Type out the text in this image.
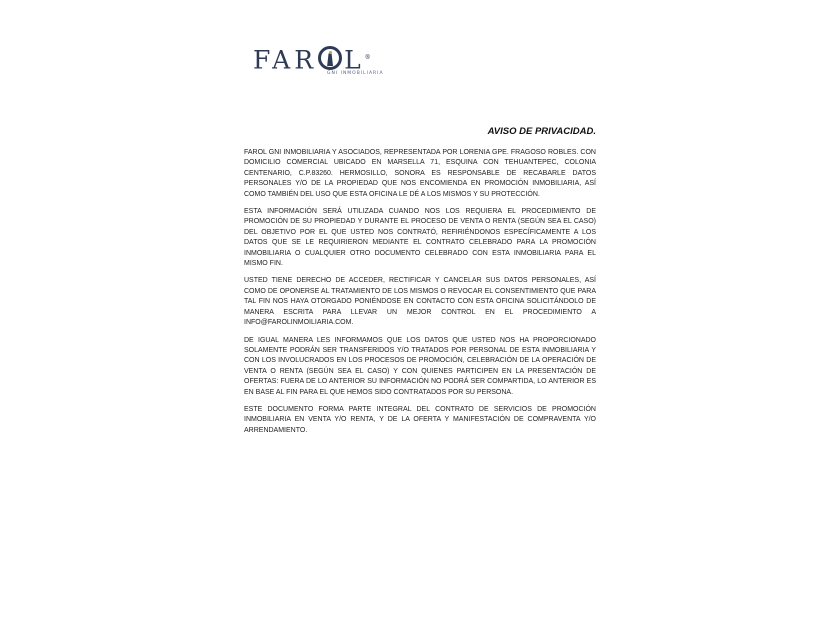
FAR L®
GNI INMOBILIARIA
AVISO DE PRIVACIDAD.

FAROL GNI INMOBILIARIA Y ASOCIADOS, REPRESENTADA POR LORENIA GPE. FRAGOSO ROBLES. CON DOMICILIO COMERCIAL UBICADO EN MARSELLA 71, ESQUINA CON TEHUANTEPEC, COLONIA CENTENARIO, C.P.83260. HERMOSILLO, SONORA ES RESPONSABLE DE RECABARLE DATOS PERSONALES Y/O DE LA PROPIEDAD QUE NOS ENCOMIENDA EN PROMOCIÓN INMOBILIARIA, ASÍ COMO TAMBIÉN DEL USO QUE ESTA OFICINA LE DÉ A LOS MISMOS Y SU PROTECCIÓN.

ESTA INFORMACIÓN SERÁ UTILIZADA CUANDO NOS LOS REQUIERA EL PROCEDIMIENTO DE PROMOCIÓN DE SU PROPIEDAD Y DURANTE EL PROCESO DE VENTA O RENTA (SEGÚN SEA EL CASO) DEL OBJETIVO POR EL QUE USTED NOS CONTRATÓ, REFIRIÉNDONOS ESPECÍFICAMENTE A LOS DATOS QUE SE LE REQUIRIERON MEDIANTE EL CONTRATO CELEBRADO PARA LA PROMOCIÓN INMOBILIARIA O CUALQUIER OTRO DOCUMENTO CELEBRADO CON ESTA INMOBILIARIA PARA EL MISMO FIN.

USTED TIENE DERECHO DE ACCEDER, RECTIFICAR Y CANCELAR SUS DATOS PERSONALES, ASÍ COMO DE OPONERSE AL TRATAMIENTO DE LOS MISMOS O REVOCAR EL CONSENTIMIENTO QUE PARA TAL FIN NOS HAYA OTORGADO PONIÉNDOSE EN CONTACTO CON ESTA OFICINA SOLICITÁNDOLO DE MANERA ESCRITA PARA LLEVAR UN MEJOR CONTROL EN EL PROCEDIMIENTO A INFO@FAROLINMOILIARIA.COM.

DE IGUAL MANERA LES INFORMAMOS QUE LOS DATOS QUE USTED NOS HA PROPORCIONADO SOLAMENTE PODRÁN SER TRANSFERIDOS Y/O TRATADOS POR PERSONAL DE ESTA INMOBILIARIA Y CON LOS INVOLUCRADOS EN LOS PROCESOS DE PROMOCIÓN, CELEBRACIÓN DE LA OPERACIÓN DE VENTA O RENTA (SEGÚN SEA EL CASO) Y CON QUIENES PARTICIPEN EN LA PRESENTACIÓN DE OFERTAS: FUERA DE LO ANTERIOR SU INFORMACIÓN NO PODRÁ SER COMPARTIDA, LO ANTERIOR ES EN BASE AL FIN PARA EL QUE HEMOS SIDO CONTRATADOS POR SU PERSONA.

ESTE DOCUMENTO FORMA PARTE INTEGRAL DEL CONTRATO DE SERVICIOS DE PROMOCIÓN INMOBILIARIA EN VENTA Y/O RENTA, Y DE LA OFERTA Y MANIFESTACIÓN DE COMPRAVENTA Y/O ARRENDAMIENTO.
